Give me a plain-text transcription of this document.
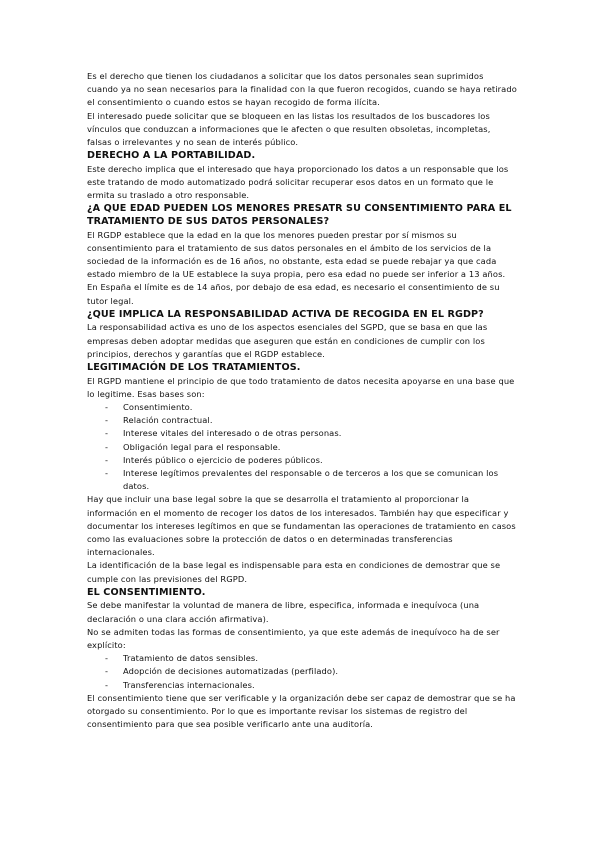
Es el derecho que tienen los ciudadanos a solicitar que los datos personales sean suprimidos cuando ya no sean necesarios para la finalidad con la que fueron recogidos, cuando se haya retirado el consentimiento o cuando estos se hayan recogido de forma ilícita.

El interesado puede solicitar que se bloqueen en las listas los resultados de los buscadores los vínculos que conduzcan a informaciones que le afecten o que resulten obsoletas, incompletas, falsas o irrelevantes y no sean de interés público.

DERECHO A LA PORTABILIDAD.

Este derecho implica que el interesado que haya proporcionado los datos a un responsable que los este tratando de modo automatizado podrá solicitar recuperar esos datos en un formato que le ermita su traslado a otro responsable.

¿A QUE EDAD PUEDEN LOS MENORES PRESATR SU CONSENTIMIENTO PARA EL TRATAMIENTO DE SUS DATOS PERSONALES?

El RGDP establece que la edad en la que los menores pueden prestar por sí mismos su consentimiento para el tratamiento de sus datos personales en el ámbito de los servicios de la sociedad de la información es de 16 años, no obstante, esta edad se puede rebajar ya que cada estado miembro de la UE establece la suya propia, pero esa edad no puede ser inferior a 13 años.

En España el límite es de 14 años, por debajo de esa edad, es necesario el consentimiento de su tutor legal.

¿QUE IMPLICA LA RESPONSABILIDAD ACTIVA DE RECOGIDA EN EL RGDP?

La responsabilidad activa es uno de los aspectos esenciales del SGPD, que se basa en que las empresas deben adoptar medidas que aseguren que están en condiciones de cumplir con los principios, derechos y garantías que el RGDP establece.

LEGITIMACIÓN DE LOS TRATAMIENTOS.

El RGPD mantiene el principio de que todo tratamiento de datos necesita apoyarse en una base que lo legitime. Esas bases son:

- Consentimiento.
- Relación contractual.
- Interese vitales del interesado o de otras personas.
- Obligación legal para el responsable.
- Interés público o ejercicio de poderes públicos.
- Interese legítimos prevalentes del responsable o de terceros a los que se comunican los datos.

Hay que incluir una base legal sobre la que se desarrolla el tratamiento al proporcionar la información en el momento de recoger los datos de los interesados. También hay que especificar y documentar los intereses legítimos en que se fundamentan las operaciones de tratamiento en casos como las evaluaciones sobre la protección de datos o en determinadas transferencias internacionales.

La identificación de la base legal es indispensable para esta en condiciones de demostrar que se cumple con las previsiones del RGPD.

EL CONSENTIMIENTO.

Se debe manifestar la voluntad de manera de libre, especifica, informada e inequívoca (una declaración o una clara acción afirmativa).

No se admiten todas las formas de consentimiento, ya que este además de inequívoco ha de ser explícito:

- Tratamiento de datos sensibles.
- Adopción de decisiones automatizadas (perfilado).
- Transferencias internacionales.

El consentimiento tiene que ser verificable y la organización debe ser capaz de demostrar que se ha otorgado su consentimiento. Por lo que es importante revisar los sistemas de registro del consentimiento para que sea posible verificarlo ante una auditoría.
